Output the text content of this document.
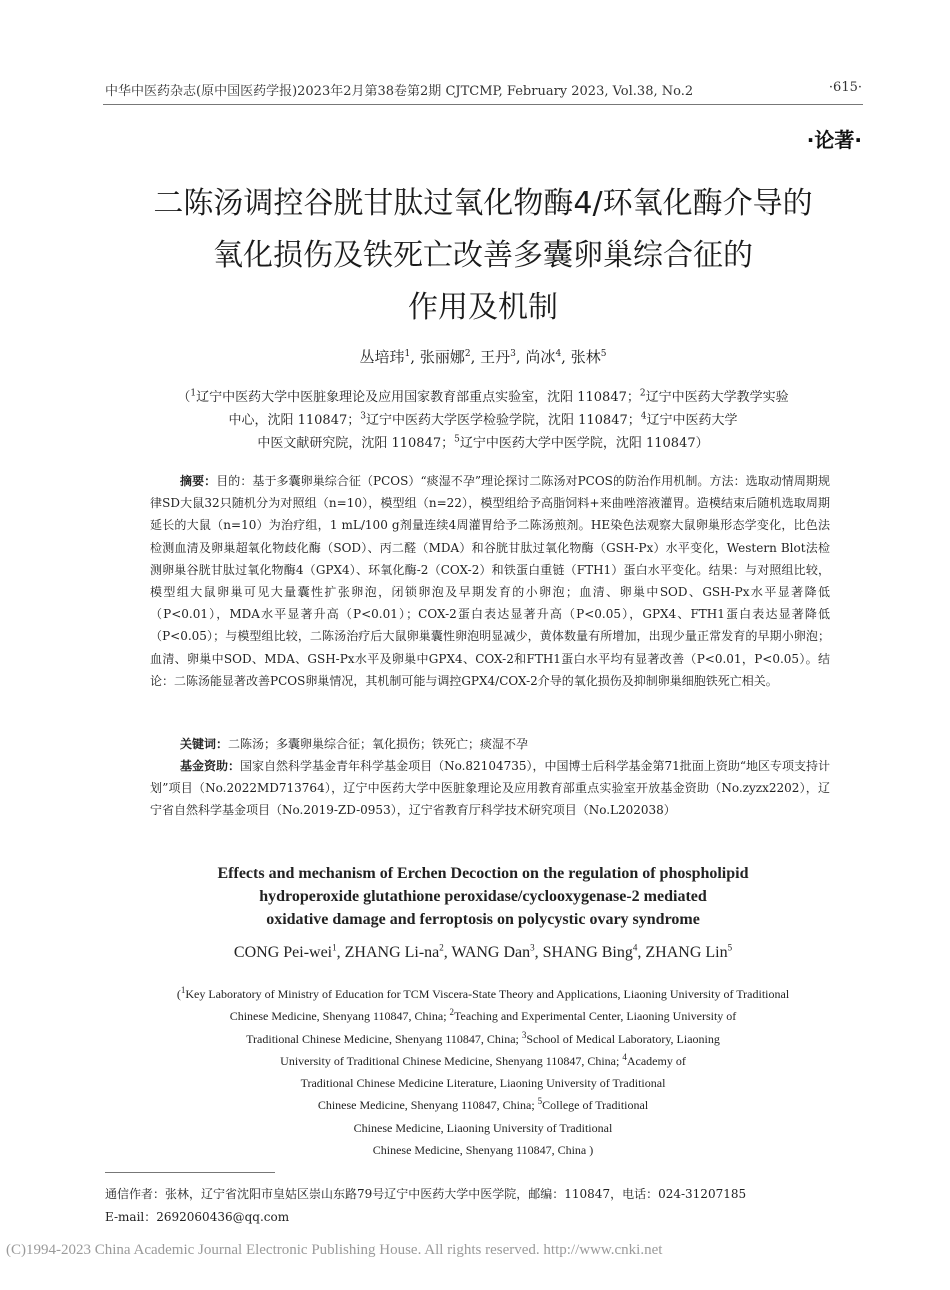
中华中医药杂志(原中国医药学报)2023年2月第38卷第2期 CJTCMP, February 2023, Vol.38, No.2	·615·
·论著·
二陈汤调控谷胱甘肽过氧化物酶4/环氧化酶介导的
氧化损伤及铁死亡改善多囊卵巢综合征的
作用及机制
丛培玮$^1$, 张丽娜$^2$, 王丹$^3$, 尚冰$^4$, 张林$^5$
（$^1$辽宁中医药大学中医脏象理论及应用国家教育部重点实验室，沈阳 110847；$^2$辽宁中医药大学教学实验
中心，沈阳 110847；$^3$辽宁中医药大学医学检验学院，沈阳 110847；$^4$辽宁中医药大学
中医文献研究院，沈阳 110847；$^5$辽宁中医药大学中医学院，沈阳 110847）
摘要：目的：基于多囊卵巢综合征（PCOS）“痰湿不孕”理论探讨二陈汤对PCOS的防治作用机制。方法：选取动情周期规律SD大鼠32只随机分为对照组（n=10），模型组（n=22），模型组给予高脂饲料+来曲唑溶液灌胃。造模结束后随机选取周期延长的大鼠（n=10）为治疗组，1 mL/100 g剂量连续4周灌胃给予二陈汤煎剂。HE染色法观察大鼠卵巢形态学变化，比色法检测血清及卵巢超氧化物歧化酶（SOD）、丙二醛（MDA）和谷胱甘肽过氧化物酶（GSH-Px）水平变化，Western Blot法检测卵巢谷胱甘肽过氧化物酶4（GPX4）、环氧化酶-2（COX-2）和铁蛋白重链（FTH1）蛋白水平变化。结果：与对照组比较，模型组大鼠卵巢可见大量囊性扩张卵泡，闭锁卵泡及早期发育的小卵泡；血清、卵巢中SOD、GSH-Px水平显著降低（P<0.01），MDA水平显著升高（P<0.01）；COX-2蛋白表达显著升高（P<0.05），GPX4、FTH1蛋白表达显著降低（P<0.05）；与模型组比较，二陈汤治疗后大鼠卵巢囊性卵泡明显减少，黄体数量有所增加，出现少量正常发育的早期小卵泡；血清、卵巢中SOD、MDA、GSH-Px水平及卵巢中GPX4、COX-2和FTH1蛋白水平均有显著改善（P<0.01，P<0.05）。结论：二陈汤能显著改善PCOS卵巢情况，其机制可能与调控GPX4/COX-2介导的氧化损伤及抑制卵巢细胞铁死亡相关。
关键词：二陈汤；多囊卵巢综合征；氧化损伤；铁死亡；痰湿不孕
基金资助：国家自然科学基金青年科学基金项目（No.82104735），中国博士后科学基金第71批面上资助“地区专项支持计划”项目（No.2022MD713764），辽宁中医药大学中医脏象理论及应用教育部重点实验室开放基金资助（No.zyzx2202），辽宁省自然科学基金项目（No.2019-ZD-0953），辽宁省教育厅科学技术研究项目（No.L202038）
Effects and mechanism of Erchen Decoction on the regulation of phospholipid
hydroperoxide glutathione peroxidase/cyclooxygenase-2 mediated
oxidative damage and ferroptosis on polycystic ovary syndrome
CONG Pei-wei$^1$, ZHANG $Li-na^2$, WANG Dan$^3$, SHANG Bing$^4$, ZHANG Lin$^5$
($^1$Key Laboratory of Ministry of Education for TCM Viscera-State Theory and Applications, Liaoning University of Traditional
Chinese Medicine, Shenyang 110847, China; $^2$Teaching and Experimental Center, Liaoning University of
Traditional Chinese Medicine, Shenyang 110847, China; $^3$School of Medical Laboratory, Liaoning
University of Traditional Chinese Medicine, Shenyang 110847, China; $^4$Academy of
Traditional Chinese Medicine Literature, Liaoning University of Traditional
Chinese Medicine, Shenyang 110847, China; $^5$College of Traditional
Chinese Medicine, Liaoning University of Traditional
Chinese Medicine, Shenyang 110847, China )
通信作者：张林，辽宁省沈阳市皇姑区崇山东路79号辽宁中医药大学中医学院，邮编：110847，电话：024-31207185
E-mail：2692060436@qq.com
(C)1994-2023 China Academic Journal Electronic Publishing House. All rights reserved. http://www.cnki.net
